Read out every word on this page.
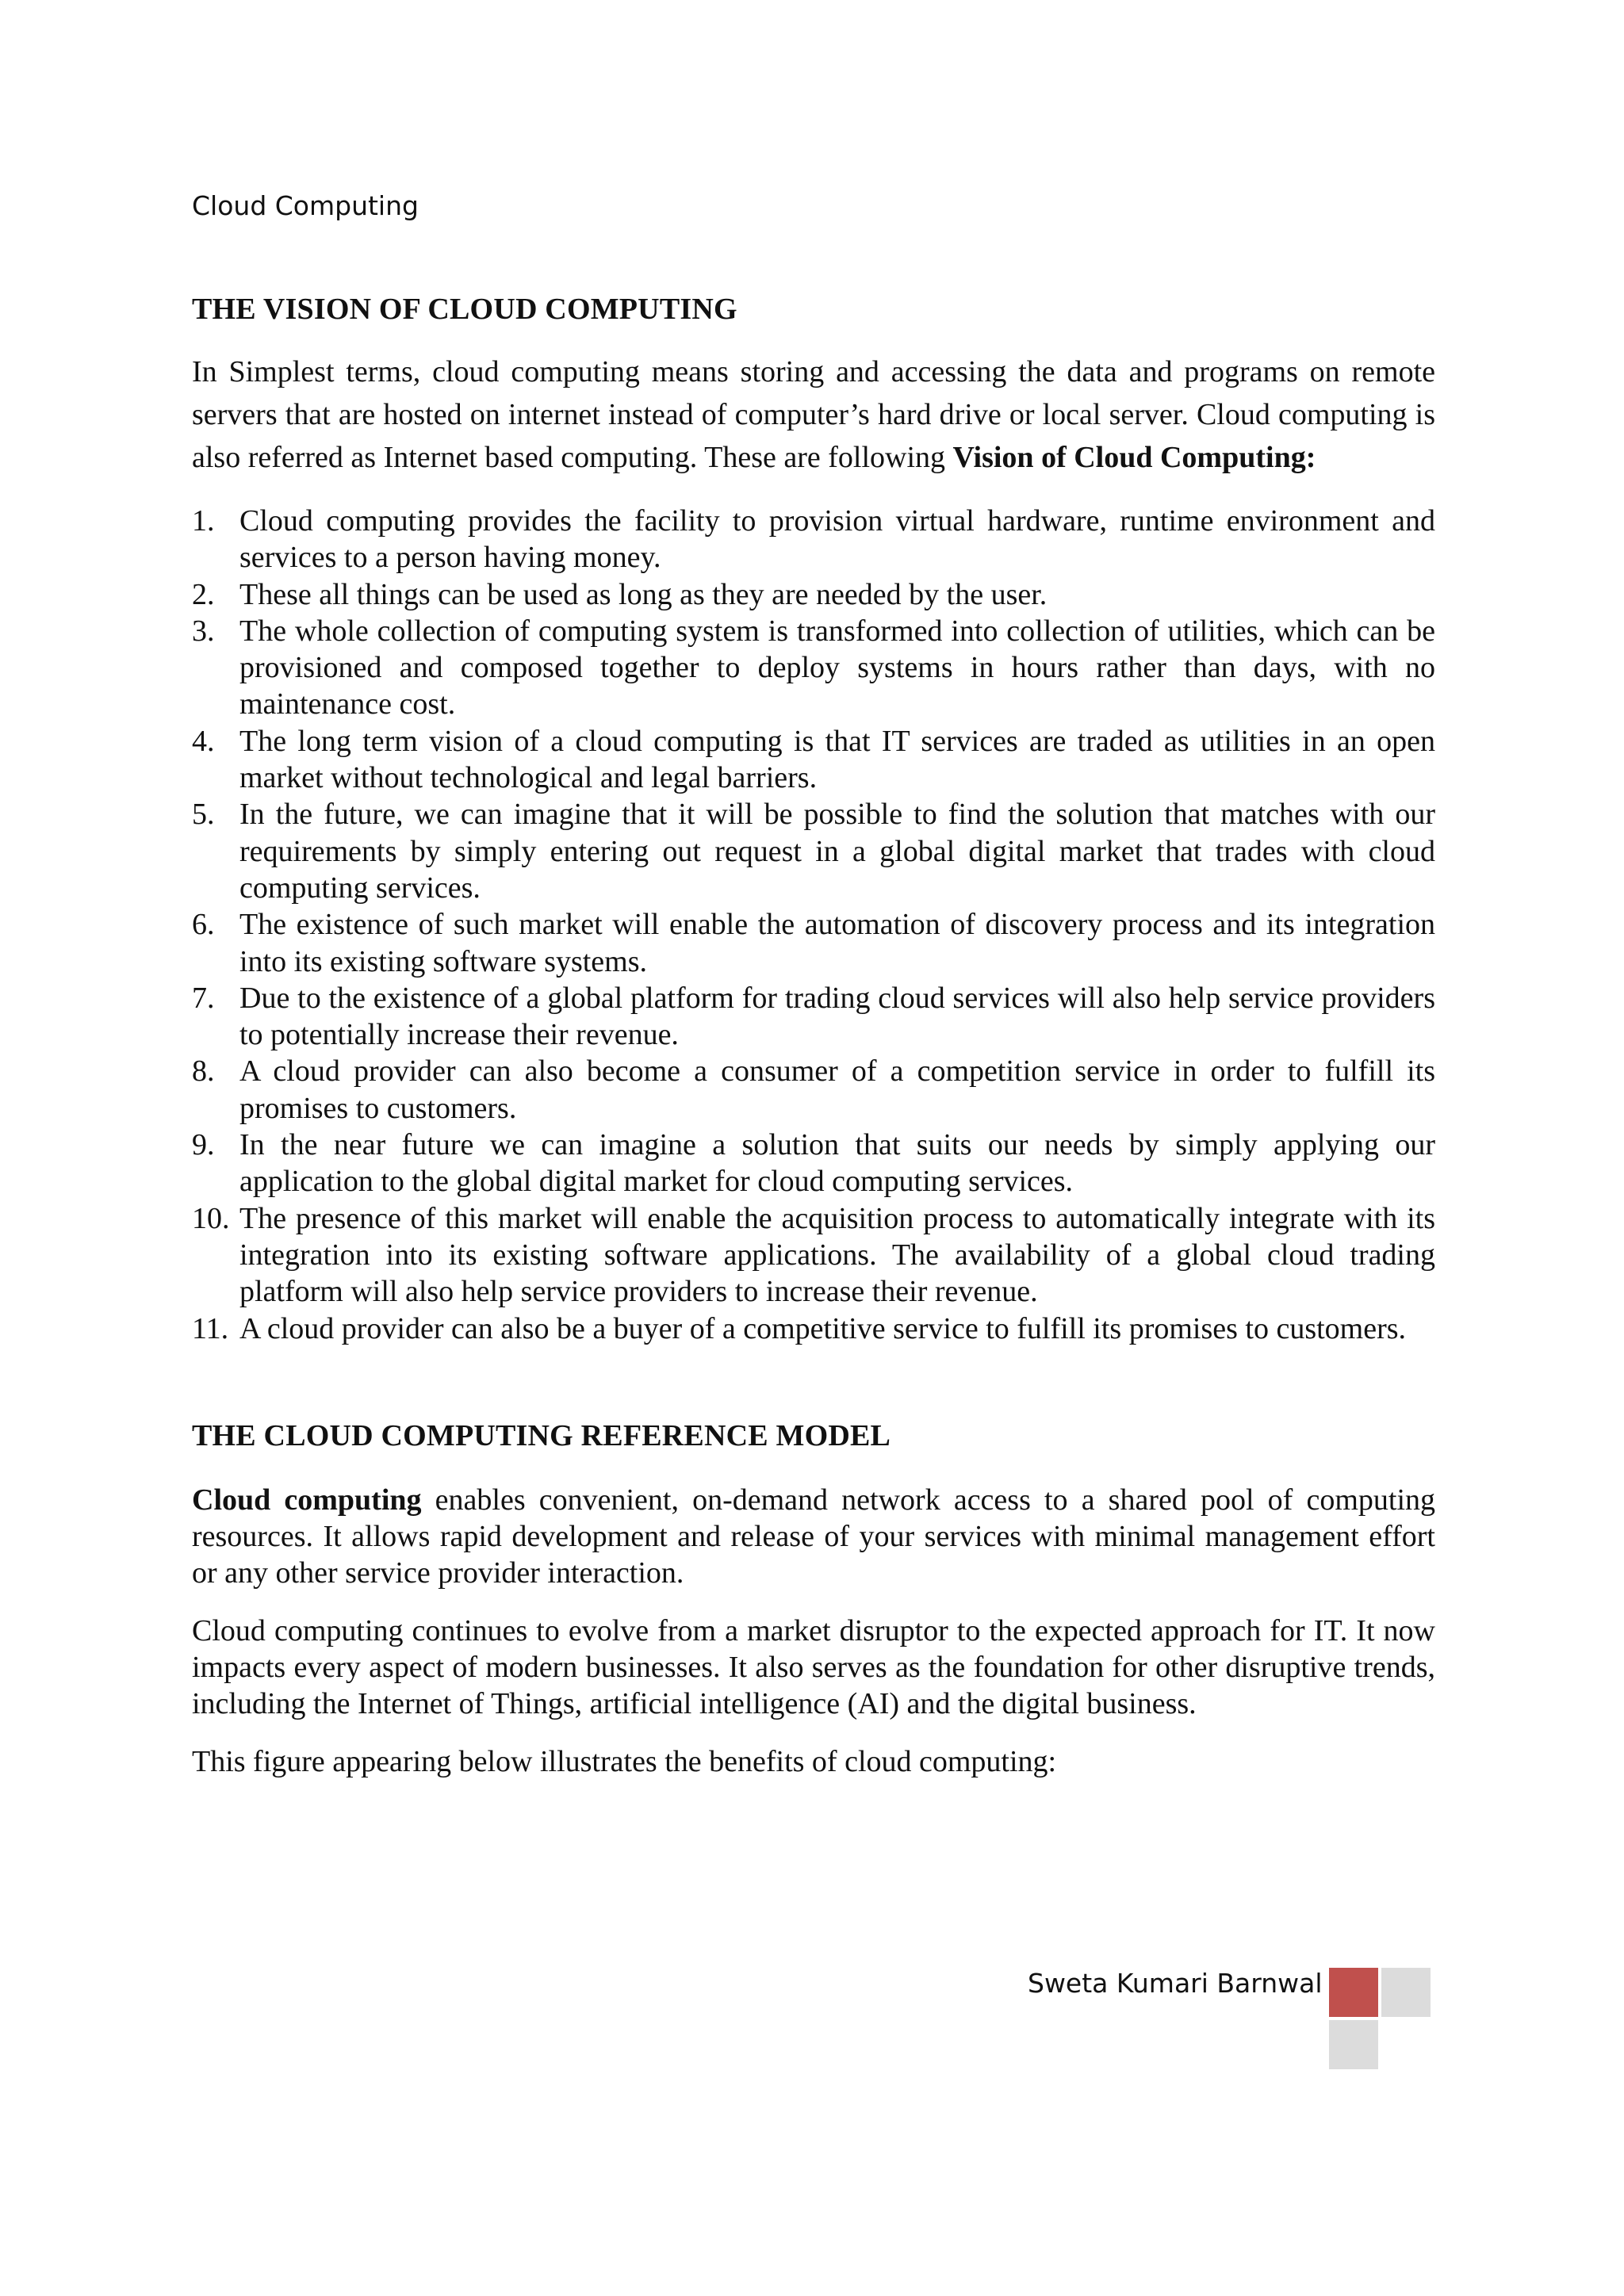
Cloud Computing
THE VISION OF CLOUD COMPUTING

In Simplest terms, cloud computing means storing and accessing the data and programs on remote servers that are hosted on internet instead of computer’s hard drive or local server. Cloud computing is also referred as Internet based computing. These are following Vision of Cloud Computing:

1. Cloud computing provides the facility to provision virtual hardware, runtime environment and services to a person having money.
2. These all things can be used as long as they are needed by the user.
3. The whole collection of computing system is transformed into collection of utilities, which can be provisioned and composed together to deploy systems in hours rather than days, with no maintenance cost.
4. The long term vision of a cloud computing is that IT services are traded as utilities in an open market without technological and legal barriers.
5. In the future, we can imagine that it will be possible to find the solution that matches with our requirements by simply entering out request in a global digital market that trades with cloud computing services.
6. The existence of such market will enable the automation of discovery process and its integration into its existing software systems.
7. Due to the existence of a global platform for trading cloud services will also help service providers to potentially increase their revenue.
8. A cloud provider can also become a consumer of a competition service in order to fulfill its promises to customers.
9. In the near future we can imagine a solution that suits our needs by simply applying our application to the global digital market for cloud computing services.
10. The presence of this market will enable the acquisition process to automatically integrate with its integration into its existing software applications. The availability of a global cloud trading platform will also help service providers to increase their revenue.
11. A cloud provider can also be a buyer of a competitive service to fulfill its promises to customers.
THE CLOUD COMPUTING REFERENCE MODEL

Cloud computing enables convenient, on-demand network access to a shared pool of computing resources. It allows rapid development and release of your services with minimal management effort or any other service provider interaction.

Cloud computing continues to evolve from a market disruptor to the expected approach for IT. It now impacts every aspect of modern businesses. It also serves as the foundation for other disruptive trends, including the Internet of Things, artificial intelligence (AI) and the digital business.

This figure appearing below illustrates the benefits of cloud computing:

Sweta Kumari Barnwal
